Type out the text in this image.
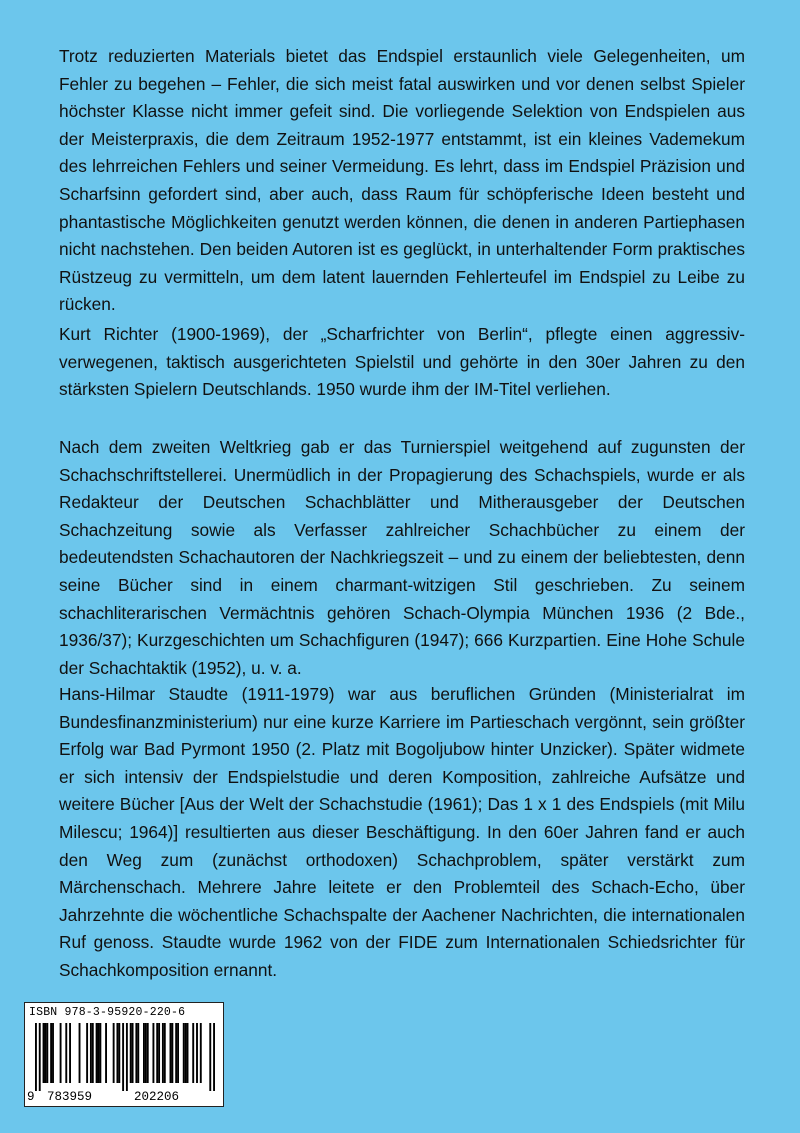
Trotz reduzierten Materials bietet das Endspiel erstaunlich viele Gelegenheiten, um Fehler zu begehen – Fehler, die sich meist fatal auswirken und vor denen selbst Spieler höchster Klasse nicht immer gefeit sind. Die vorliegende Selektion von Endspielen aus der Meisterpraxis, die dem Zeitraum 1952-1977 entstammt, ist ein kleines Vademekum des lehrreichen Fehlers und seiner Vermeidung. Es lehrt, dass im Endspiel Präzision und Scharfsinn gefordert sind, aber auch, dass Raum für schöpferische Ideen besteht und phantastische Möglichkeiten genutzt werden können, die denen in anderen Partiephasen nicht nachstehen. Den beiden Autoren ist es geglückt, in unterhaltender Form praktisches Rüstzeug zu vermitteln, um dem latent lauernden Fehlerteufel im Endspiel zu Leibe zu rücken.
Kurt Richter (1900-1969), der „Scharfrichter von Berlin“, pflegte einen aggressiv-verwegenen, taktisch ausgerichteten Spielstil und gehörte in den 30er Jahren zu den stärksten Spielern Deutschlands. 1950 wurde ihm der IM-Titel verliehen.
Nach dem zweiten Weltkrieg gab er das Turnierspiel weitgehend auf zugunsten der Schachschriftstellerei. Unermüdlich in der Propagierung des Schachspiels, wurde er als Redakteur der Deutschen Schachblätter und Mitherausgeber der Deutschen Schachzeitung sowie als Verfasser zahlreicher Schachbücher zu einem der bedeutendsten Schachautoren der Nachkriegszeit – und zu einem der beliebtesten, denn seine Bücher sind in einem charmant-witzigen Stil geschrieben. Zu seinem schachliterarischen Vermächtnis gehören Schach-Olympia München 1936 (2 Bde., 1936/37); Kurzgeschichten um Schachfiguren (1947); 666 Kurzpartien. Eine Hohe Schule der Schachtaktik (1952), u. v. a.
Hans-Hilmar Staudte (1911-1979) war aus beruflichen Gründen (Ministerialrat im Bundesfinanzministerium) nur eine kurze Karriere im Partieschach vergönnt, sein größter Erfolg war Bad Pyrmont 1950 (2. Platz mit Bogoljubow hinter Unzicker). Später widmete er sich intensiv der Endspielstudie und deren Komposition, zahlreiche Aufsätze und weitere Bücher [Aus der Welt der Schachstudie (1961); Das 1 x 1 des Endspiels (mit Milu Milescu; 1964)] resultierten aus dieser Beschäftigung. In den 60er Jahren fand er auch den Weg zum (zunächst orthodoxen) Schachproblem, später verstärkt zum Märchenschach. Mehrere Jahre leitete er den Problemteil des Schach-Echo, über Jahrzehnte die wöchentliche Schachspalte der Aachener Nachrichten, die internationalen Ruf genoss. Staudte wurde 1962 von der FIDE zum Internationalen Schiedsrichter für Schachkomposition ernannt.
ISBN 978-3-95920-220-6
9 783959	202206
